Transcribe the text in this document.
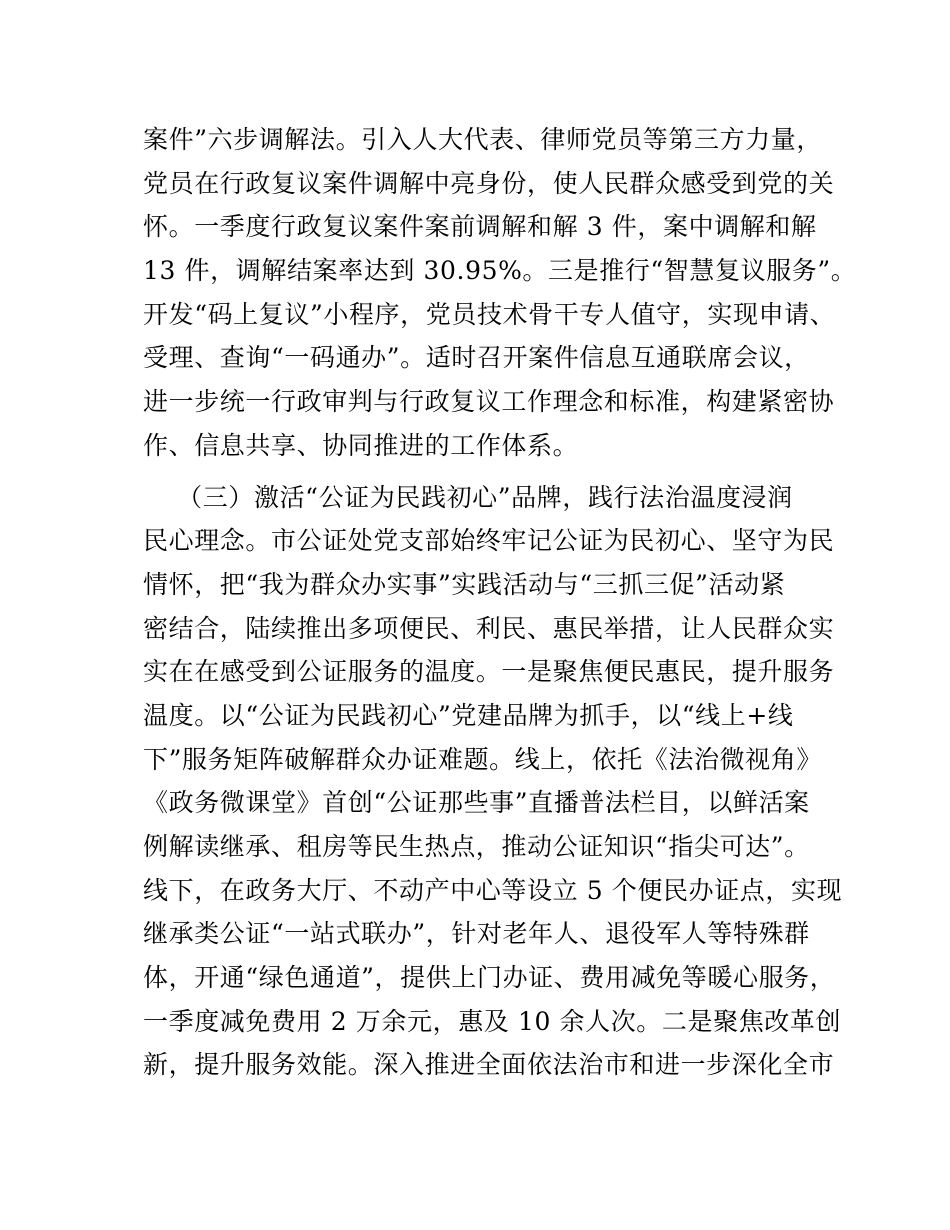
案件”六步调解法。引入人大代表、律师党员等第三方力量，
党员在行政复议案件调解中亮身份，使人民群众感受到党的关
怀。一季度行政复议案件案前调解和解 3 件，案中调解和解
13 件，调解结案率达到 30.95%。三是推行“智慧复议服务”。
开发“码上复议”小程序，党员技术骨干专人值守，实现申请、
受理、查询“一码通办”。适时召开案件信息互通联席会议，
进一步统一行政审判与行政复议工作理念和标准，构建紧密协
作、信息共享、协同推进的工作体系。
（三）激活“公证为民践初心”品牌，践行法治温度浸润
民心理念。市公证处党支部始终牢记公证为民初心、坚守为民
情怀，把“我为群众办实事”实践活动与“三抓三促”活动紧
密结合，陆续推出多项便民、利民、惠民举措，让人民群众实
实在在感受到公证服务的温度。一是聚焦便民惠民，提升服务
温度。以“公证为民践初心”党建品牌为抓手，以“线上+线
下”服务矩阵破解群众办证难题。线上，依托《法治微视角》
《政务微课堂》首创“公证那些事”直播普法栏目，以鲜活案
例解读继承、租房等民生热点，推动公证知识“指尖可达”。
线下，在政务大厅、不动产中心等设立 5 个便民办证点，实现
继承类公证“一站式联办”，针对老年人、退役军人等特殊群
体，开通“绿色通道”，提供上门办证、费用减免等暖心服务，
一季度减免费用 2 万余元，惠及 10 余人次。二是聚焦改革创
新，提升服务效能。深入推进全面依法治市和进一步深化全市
